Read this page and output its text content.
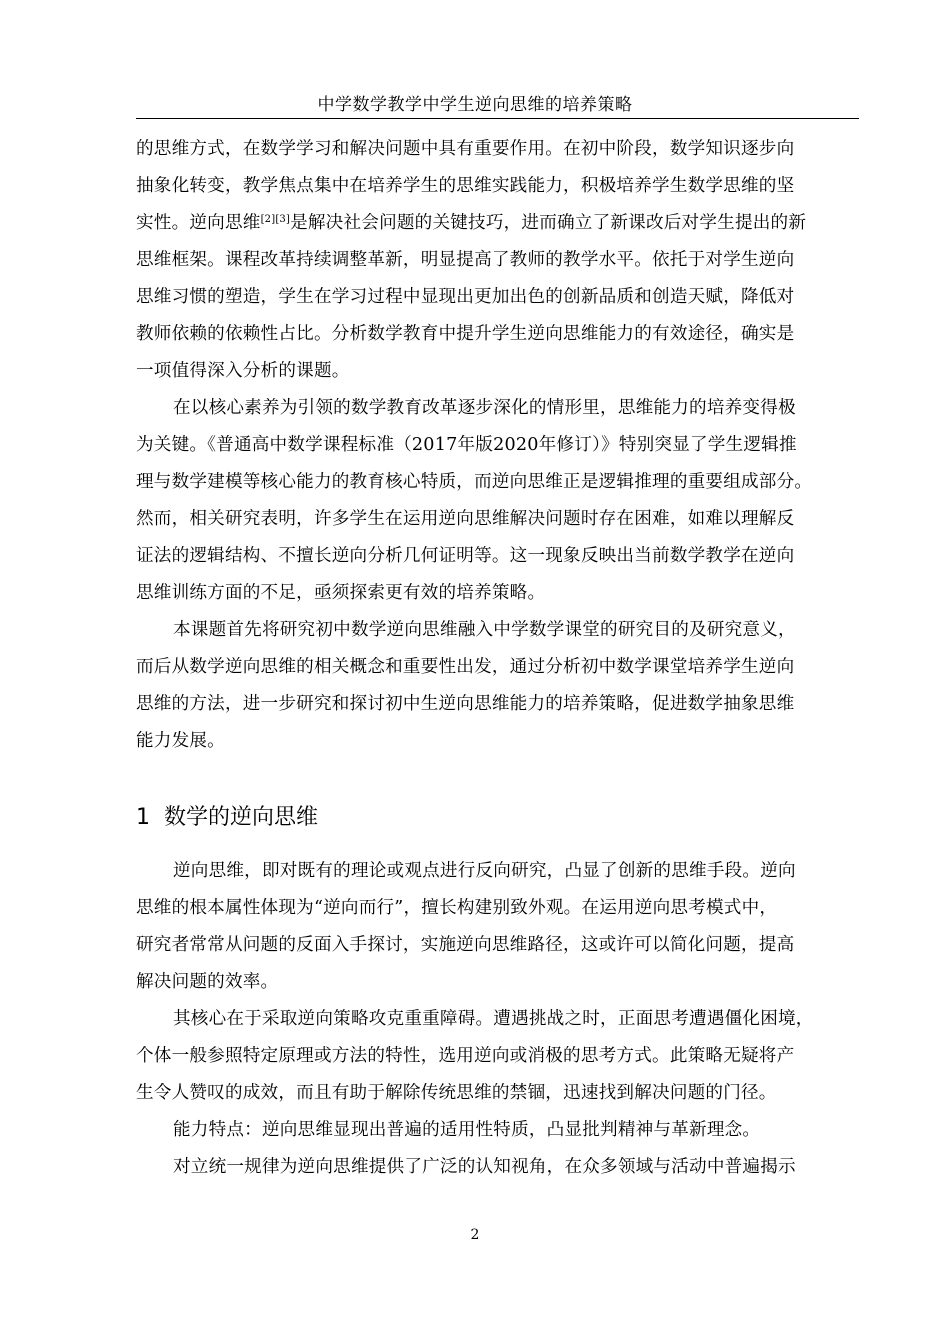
中学数学教学中学生逆向思维的培养策略
的思维方式，在数学学习和解决问题中具有重要作用。在初中阶段，数学知识逐步向
抽象化转变，教学焦点集中在培养学生的思维实践能力，积极培养学生数学思维的坚
实性。逆向思维[2][3]是解决社会问题的关键技巧，进而确立了新课改后对学生提出的新
思维框架。课程改革持续调整革新，明显提高了教师的教学水平。依托于对学生逆向
思维习惯的塑造，学生在学习过程中显现出更加出色的创新品质和创造天赋，降低对
教师依赖的依赖性占比。分析数学教育中提升学生逆向思维能力的有效途径，确实是
一项值得深入分析的课题。
在以核心素养为引领的数学教育改革逐步深化的情形里，思维能力的培养变得极
为关键。《普通高中数学课程标准（2017年版2020年修订）》特别突显了学生逻辑推
理与数学建模等核心能力的教育核心特质，而逆向思维正是逻辑推理的重要组成部分。
然而，相关研究表明，许多学生在运用逆向思维解决问题时存在困难，如难以理解反
证法的逻辑结构、不擅长逆向分析几何证明等。这一现象反映出当前数学教学在逆向
思维训练方面的不足，亟须探索更有效的培养策略。
本课题首先将研究初中数学逆向思维融入中学数学课堂的研究目的及研究意义，
而后从数学逆向思维的相关概念和重要性出发，通过分析初中数学课堂培养学生逆向
思维的方法，进一步研究和探讨初中生逆向思维能力的培养策略，促进数学抽象思维
能力发展。
1 数学的逆向思维
逆向思维，即对既有的理论或观点进行反向研究，凸显了创新的思维手段。逆向
思维的根本属性体现为“逆向而行”，擅长构建别致外观。在运用逆向思考模式中，
研究者常常从问题的反面入手探讨，实施逆向思维路径，这或许可以简化问题，提高
解决问题的效率。
其核心在于采取逆向策略攻克重重障碍。遭遇挑战之时，正面思考遭遇僵化困境，
个体一般参照特定原理或方法的特性，选用逆向或消极的思考方式。此策略无疑将产
生令人赞叹的成效，而且有助于解除传统思维的禁锢，迅速找到解决问题的门径。
能力特点：逆向思维显现出普遍的适用性特质，凸显批判精神与革新理念。
对立统一规律为逆向思维提供了广泛的认知视角，在众多领域与活动中普遍揭示
2
